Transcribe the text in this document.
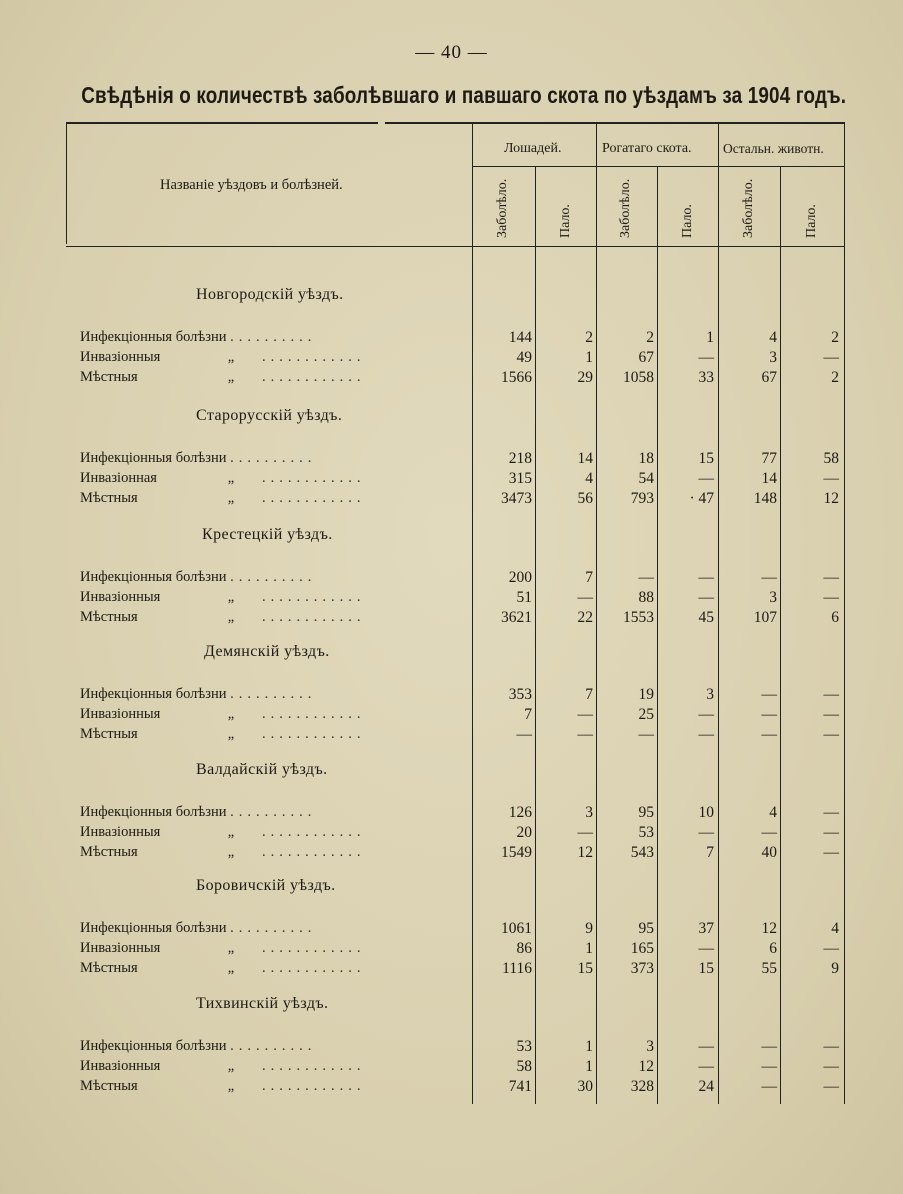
— 40 —
Свѣдѣнія о количествѣ заболѣвшаго и павшаго скота по уѣздамъ за 1904 годъ.
Названіе уѣздовъ и болѣзней.
Лошадей.	Рогатаго скота. Остальн. животн.
Заболѣло.	Пало.	Заболѣло.	Пало.	Заболѣло.	Пало.
Новгородскій уѣздъ.
Инфекціонныя болѣзни ..........	144	2	2	1	4	2
Инвазіонныя	„ ............	49	1	67	—	3	—
Мѣстныя	„ ............	1566	29	1058	33	67	2
Старорусскій уѣздъ.
Инфекціонныя болѣзни ..........	218	14	18	15	77	58
Инвазіонная	„ ............	315	4	54	—	14	—
Мѣстныя	„ ............	3473	56	793	· 47	148	12
Крестецкій уѣздъ.
Инфекціонныя болѣзни ..........	200	7	—	—	—	—
Инвазіонныя	„ ............	51	—	88	—	3	—
Мѣстныя	„ ............	3621	22	1553	45	107	6
Демянскій уѣздъ.
Инфекціонныя болѣзни ..........	353	7	19	3	—	—
Инвазіонныя	„ ............	7	—	25	—	—	—
Мѣстныя	„ ............	—	—	—	—	—	—
Валдайскій уѣздъ.
Инфекціонныя болѣзни ..........	126	3	95	10	4	—
Инвазіонныя	„ ............	20	—	53	—	—	—
Мѣстныя	„ ............	1549	12	543	7	40	—
Боровичскій уѣздъ.
Инфекціонныя болѣзни ..........	1061	9	95	37	12	4
Инвазіонныя	„ ............	86	1	165	—	6	—
Мѣстныя	„ ............	1116	15	373	15	55	9
Тихвинскій уѣздъ.
Инфекціонныя болѣзни ..........	53	1	3	—	—	—
Инвазіонныя	„ ............	58	1	12	—	—	—
Мѣстныя	„ ............	741	30	328	24	—	—
